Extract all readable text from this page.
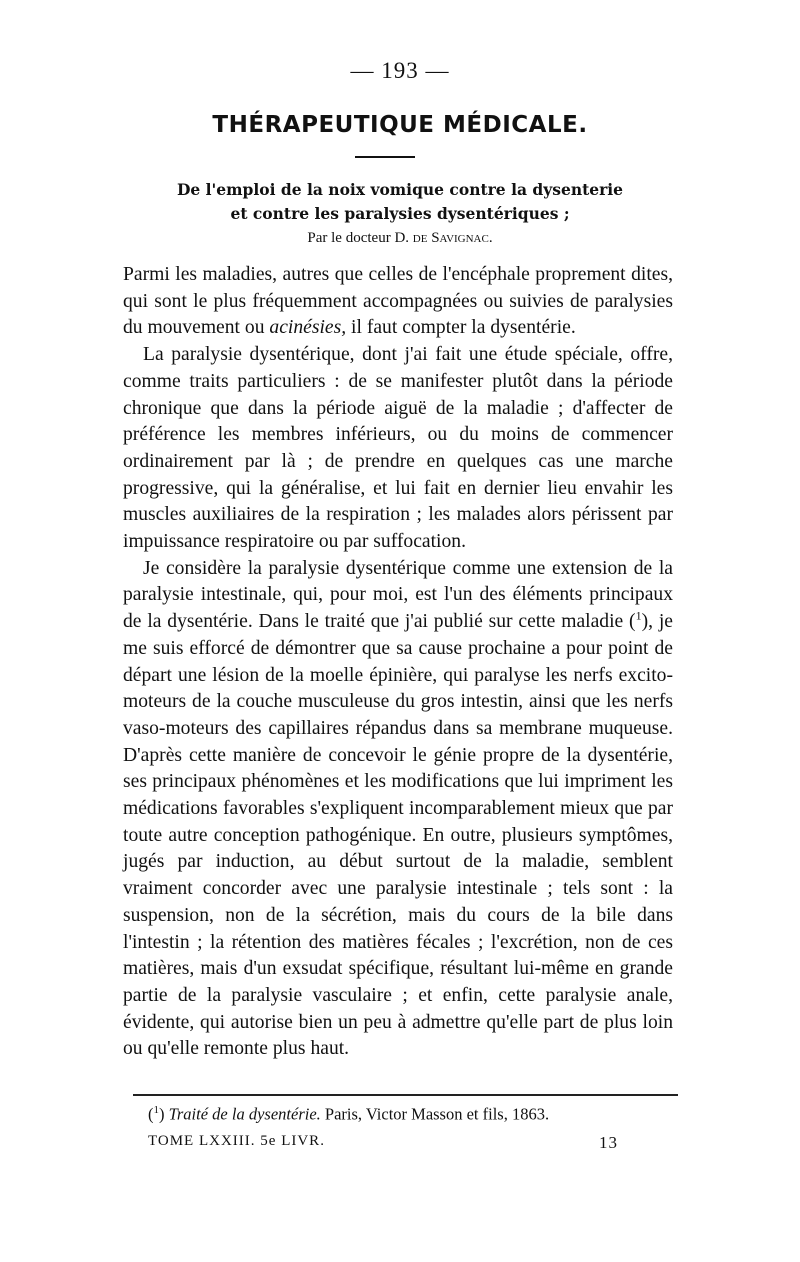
— 193 —
THÉRAPEUTIQUE MÉDICALE.
De l'emploi de la noix vomique contre la dysenterie
et contre les paralysies dysentériques ;
Par le docteur D. de Savignac.

Parmi les maladies, autres que celles de l'encéphale proprement dites, qui sont le plus fréquemment accompagnées ou suivies de paralysies du mouvement ou acinésies, il faut compter la dysentérie.

La paralysie dysentérique, dont j'ai fait une étude spéciale, offre, comme traits particuliers : de se manifester plutôt dans la période chronique que dans la période aiguë de la maladie ; d'affecter de préférence les membres inférieurs, ou du moins de commencer ordinairement par là ; de prendre en quelques cas une marche progressive, qui la généralise, et lui fait en dernier lieu envahir les muscles auxiliaires de la respiration ; les malades alors périssent par impuissance respiratoire ou par suffocation.

Je considère la paralysie dysentérique comme une extension de la paralysie intestinale, qui, pour moi, est l'un des éléments principaux de la dysentérie. Dans le traité que j'ai publié sur cette maladie ($^1$), je me suis efforcé de démontrer que sa cause prochaine a pour point de départ une lésion de la moelle épinière, qui paralyse les nerfs excito-moteurs de la couche musculeuse du gros intestin, ainsi que les nerfs vaso-moteurs des capillaires répandus dans sa membrane muqueuse. D'après cette manière de concevoir le génie propre de la dysentérie, ses principaux phénomènes et les modifications que lui impriment les médications favorables s'expliquent incomparablement mieux que par toute autre conception pathogénique. En outre, plusieurs symptômes, jugés par induction, au début surtout de la maladie, semblent vraiment concorder avec une paralysie intestinale ; tels sont : la suspension, non de la sécrétion, mais du cours de la bile dans l'intestin ; la rétention des matières fécales ; l'excrétion, non de ces matières, mais d'un exsudat spécifique, résultant lui-même en grande partie de la paralysie vasculaire ; et enfin, cette paralysie anale, évidente, qui autorise bien un peu à admettre qu'elle part de plus loin ou qu'elle remonte plus haut.

($^1$) Traité de la dysentérie. Paris, Victor Masson et fils, 1863.
TOME LXXIII. 5e LIVR.	13
